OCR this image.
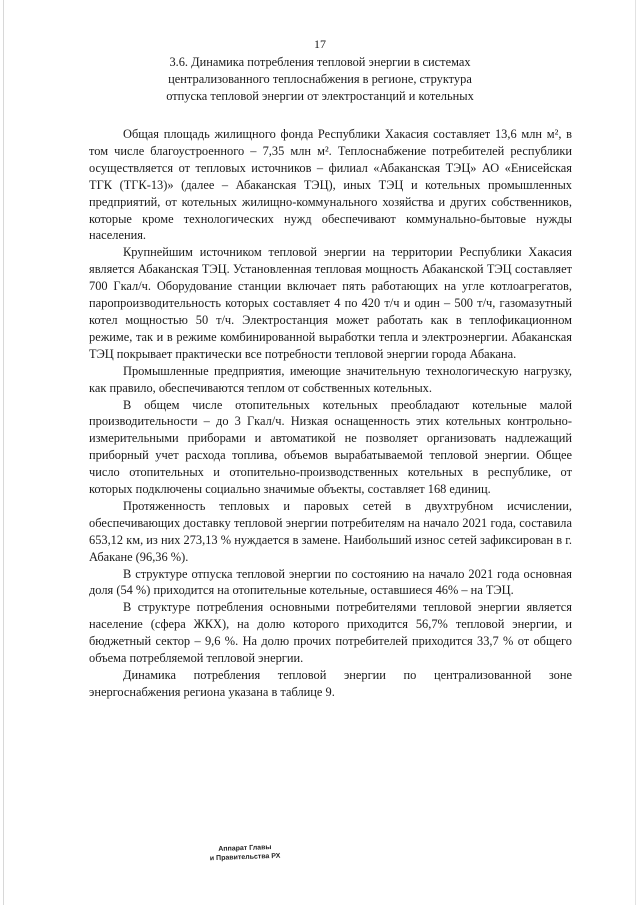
17
3.6. Динамика потребления тепловой энергии в системах
централизованного теплоснабжения в регионе, структура
отпуска тепловой энергии от электростанций и котельных

Общая площадь жилищного фонда Республики Хакасия составляет 13,6 млн м², в том числе благоустроенного – 7,35 млн м². Теплоснабжение потребителей республики осуществляется от тепловых источников – филиал «Абаканская ТЭЦ» АО «Енисейская ТГК (ТГК-13)» (далее – Абаканская ТЭЦ), иных ТЭЦ и котельных промышленных предприятий, от котельных жилищно-коммунального хозяйства и других собственников, которые кроме технологических нужд обеспечивают коммунально-бытовые нужды населения.

Крупнейшим источником тепловой энергии на территории Республики Хакасия является Абаканская ТЭЦ. Установленная тепловая мощность Абаканской ТЭЦ составляет 700 Гкал/ч. Оборудование станции включает пять работающих на угле котлоагрегатов, паропроизводительность которых составляет 4 по 420 т/ч и один – 500 т/ч, газомазутный котел мощностью 50 т/ч. Электростанция может работать как в теплофикационном режиме, так и в режиме комбинированной выработки тепла и электроэнергии. Абаканская ТЭЦ покрывает практически все потребности тепловой энергии города Абакана.

Промышленные предприятия, имеющие значительную технологическую нагрузку, как правило, обеспечиваются теплом от собственных котельных.

В общем числе отопительных котельных преобладают котельные малой производительности – до 3 Гкал/ч. Низкая оснащенность этих котельных контрольно-измерительными приборами и автоматикой не позволяет организовать надлежащий приборный учет расхода топлива, объемов вырабатываемой тепловой энергии. Общее число отопительных и отопительно-производственных котельных в республике, от которых подключены социально значимые объекты, составляет 168 единиц.

Протяженность тепловых и паровых сетей в двухтрубном исчислении, обеспечивающих доставку тепловой энергии потребителям на начало 2021 года, составила 653,12 км, из них 273,13 % нуждается в замене. Наибольший износ сетей зафиксирован в г. Абакане (96,36 %).

В структуре отпуска тепловой энергии по состоянию на начало 2021 года основная доля (54 %) приходится на отопительные котельные, оставшиеся 46% – на ТЭЦ.

В структуре потребления основными потребителями тепловой энергии является население (сфера ЖКХ), на долю которого приходится 56,7% тепловой энергии, и бюджетный сектор – 9,6 %. На долю прочих потребителей приходится 33,7 % от общего объема потребляемой тепловой энергии.

Динамика потребления тепловой энергии по централизованной зоне энергоснабжения региона указана в таблице 9.

Аппарат Главы
и Правительства РХ
